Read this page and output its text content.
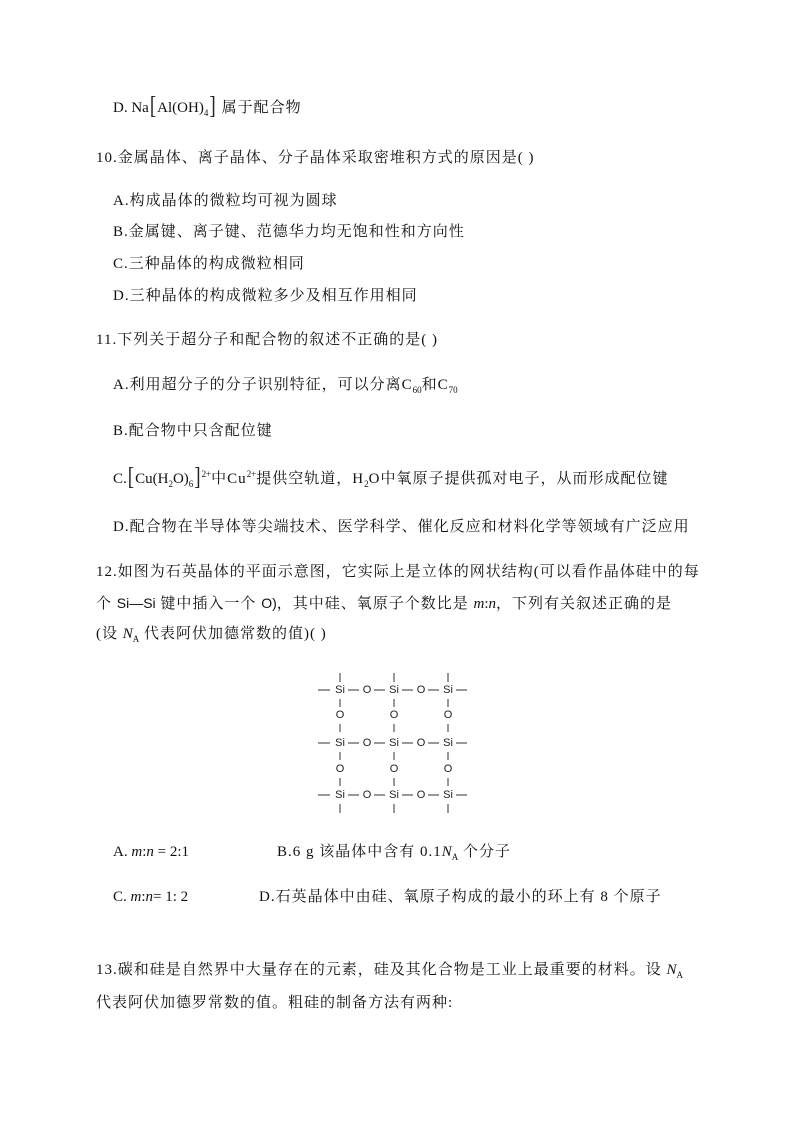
D. $Na[Al(OH)_4]$ 属于配合物
10.金属晶体、离子晶体、分子晶体采取密堆积方式的原因是( )
A.构成晶体的微粒均可视为圆球
B.金属键、离子键、范德华力均无饱和性和方向性
C.三种晶体的构成微粒相同
D.三种晶体的构成微粒多少及相互作用相同
11.下列关于超分子和配合物的叙述不正确的是( )
A.利用超分子的分子识别特征，可以分离$C_{60}$和$C_{70}$
B.配合物中只含配位键
$C.[Cu(H_2O)_6]^{2+}$中$Cu^{2+}$提供空轨道，$H_2O$中氧原子提供孤对电子，从而形成配位键
D.配合物在半导体等尖端技术、医学科学、催化反应和材料化学等领域有广泛应用
12.如图为石英晶体的平面示意图，它实际上是立体的网状结构(可以看作晶体硅中的每
个 Si—Si 键中插入一个 O)，其中硅、氧原子个数比是 m:n，下列有关叙述正确的是
(设 $N_A$ 代表阿伏加德常数的值)( )
Si O Si O Si
Si O Si O Si
Si O Si O Si
O	O	O
O	O	O
A. m:n = 2:1	B.6 g 该晶体中含有 $0.1N_A$ 个分子
C. m:n= 1: 2	D.石英晶体中由硅、氧原子构成的最小的环上有 8 个原子
13.碳和硅是自然界中大量存在的元素，硅及其化合物是工业上最重要的材料。设 $N_A$
代表阿伏加德罗常数的值。粗硅的制备方法有两种:
